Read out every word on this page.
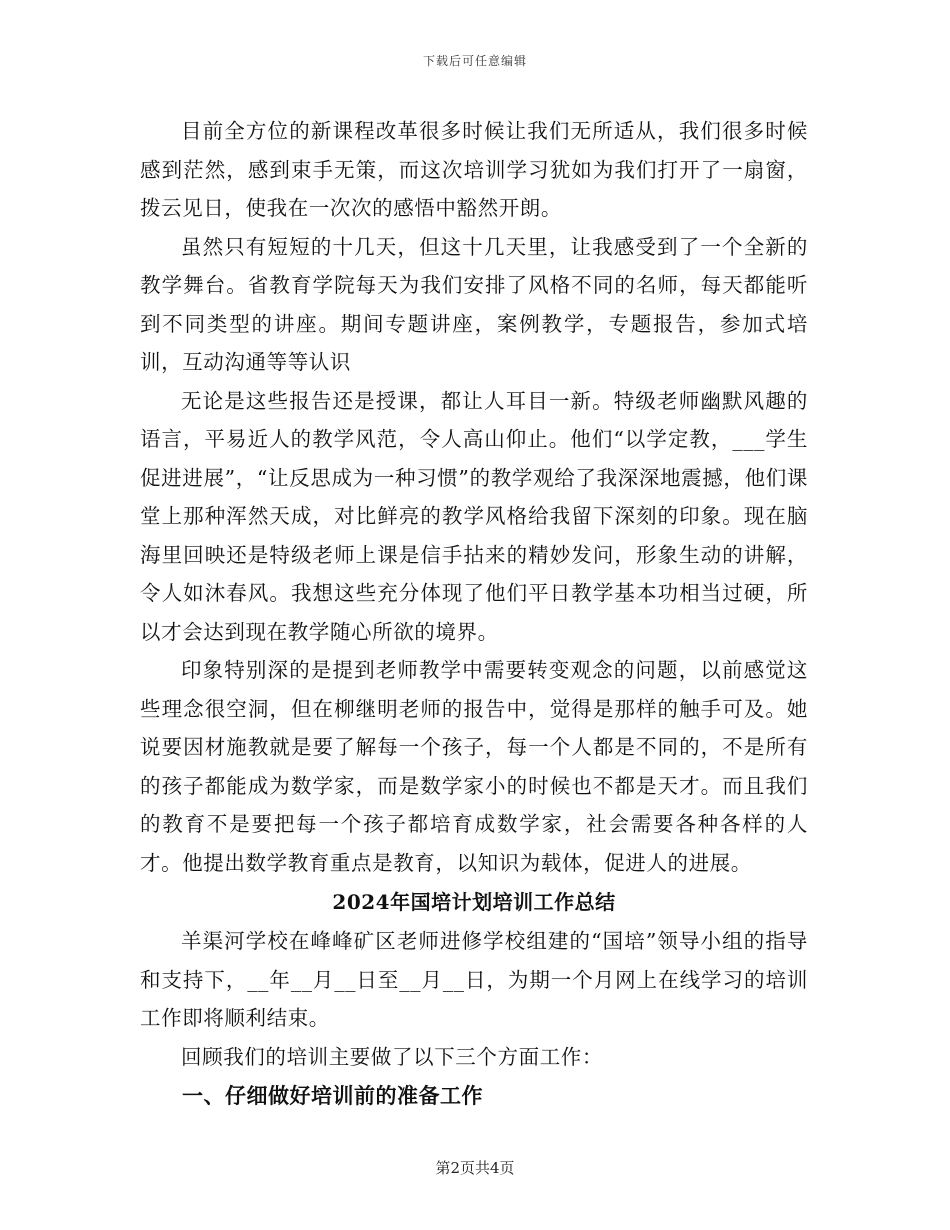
下载后可任意编辑

目前全方位的新课程改革很多时候让我们无所适从，我们很多时候感到茫然，感到束手无策，而这次培训学习犹如为我们打开了一扇窗，拨云见日，使我在一次次的感悟中豁然开朗。

虽然只有短短的十几天，但这十几天里，让我感受到了一个全新的教学舞台。省教育学院每天为我们安排了风格不同的名师，每天都能听到不同类型的讲座。期间专题讲座，案例教学，专题报告，参加式培训，互动沟通等等认识

无论是这些报告还是授课，都让人耳目一新。特级老师幽默风趣的语言，平易近人的教学风范，令人高山仰止。他们“以学定教，___学生促进进展”，“让反思成为一种习惯”的教学观给了我深深地震撼，他们课堂上那种浑然天成，对比鲜亮的教学风格给我留下深刻的印象。现在脑海里回映还是特级老师上课是信手拈来的精妙发问，形象生动的讲解，令人如沐春风。我想这些充分体现了他们平日教学基本功相当过硬，所以才会达到现在教学随心所欲的境界。

印象特别深的是提到老师教学中需要转变观念的问题，以前感觉这些理念很空洞，但在柳继明老师的报告中，觉得是那样的触手可及。她说要因材施教就是要了解每一个孩子，每一个人都是不同的，不是所有的孩子都能成为数学家，而是数学家小的时候也不都是天才。而且我们的教育不是要把每一个孩子都培育成数学家，社会需要各种各样的人才。他提出数学教育重点是教育，以知识为载体，促进人的进展。

2024年国培计划培训工作总结

羊渠河学校在峰峰矿区老师进修学校组建的“国培”领导小组的指导和支持下，__年__月__日至__月__日，为期一个月网上在线学习的培训工作即将顺利结束。

回顾我们的培训主要做了以下三个方面工作：

一、仔细做好培训前的准备工作
第2页共4页
